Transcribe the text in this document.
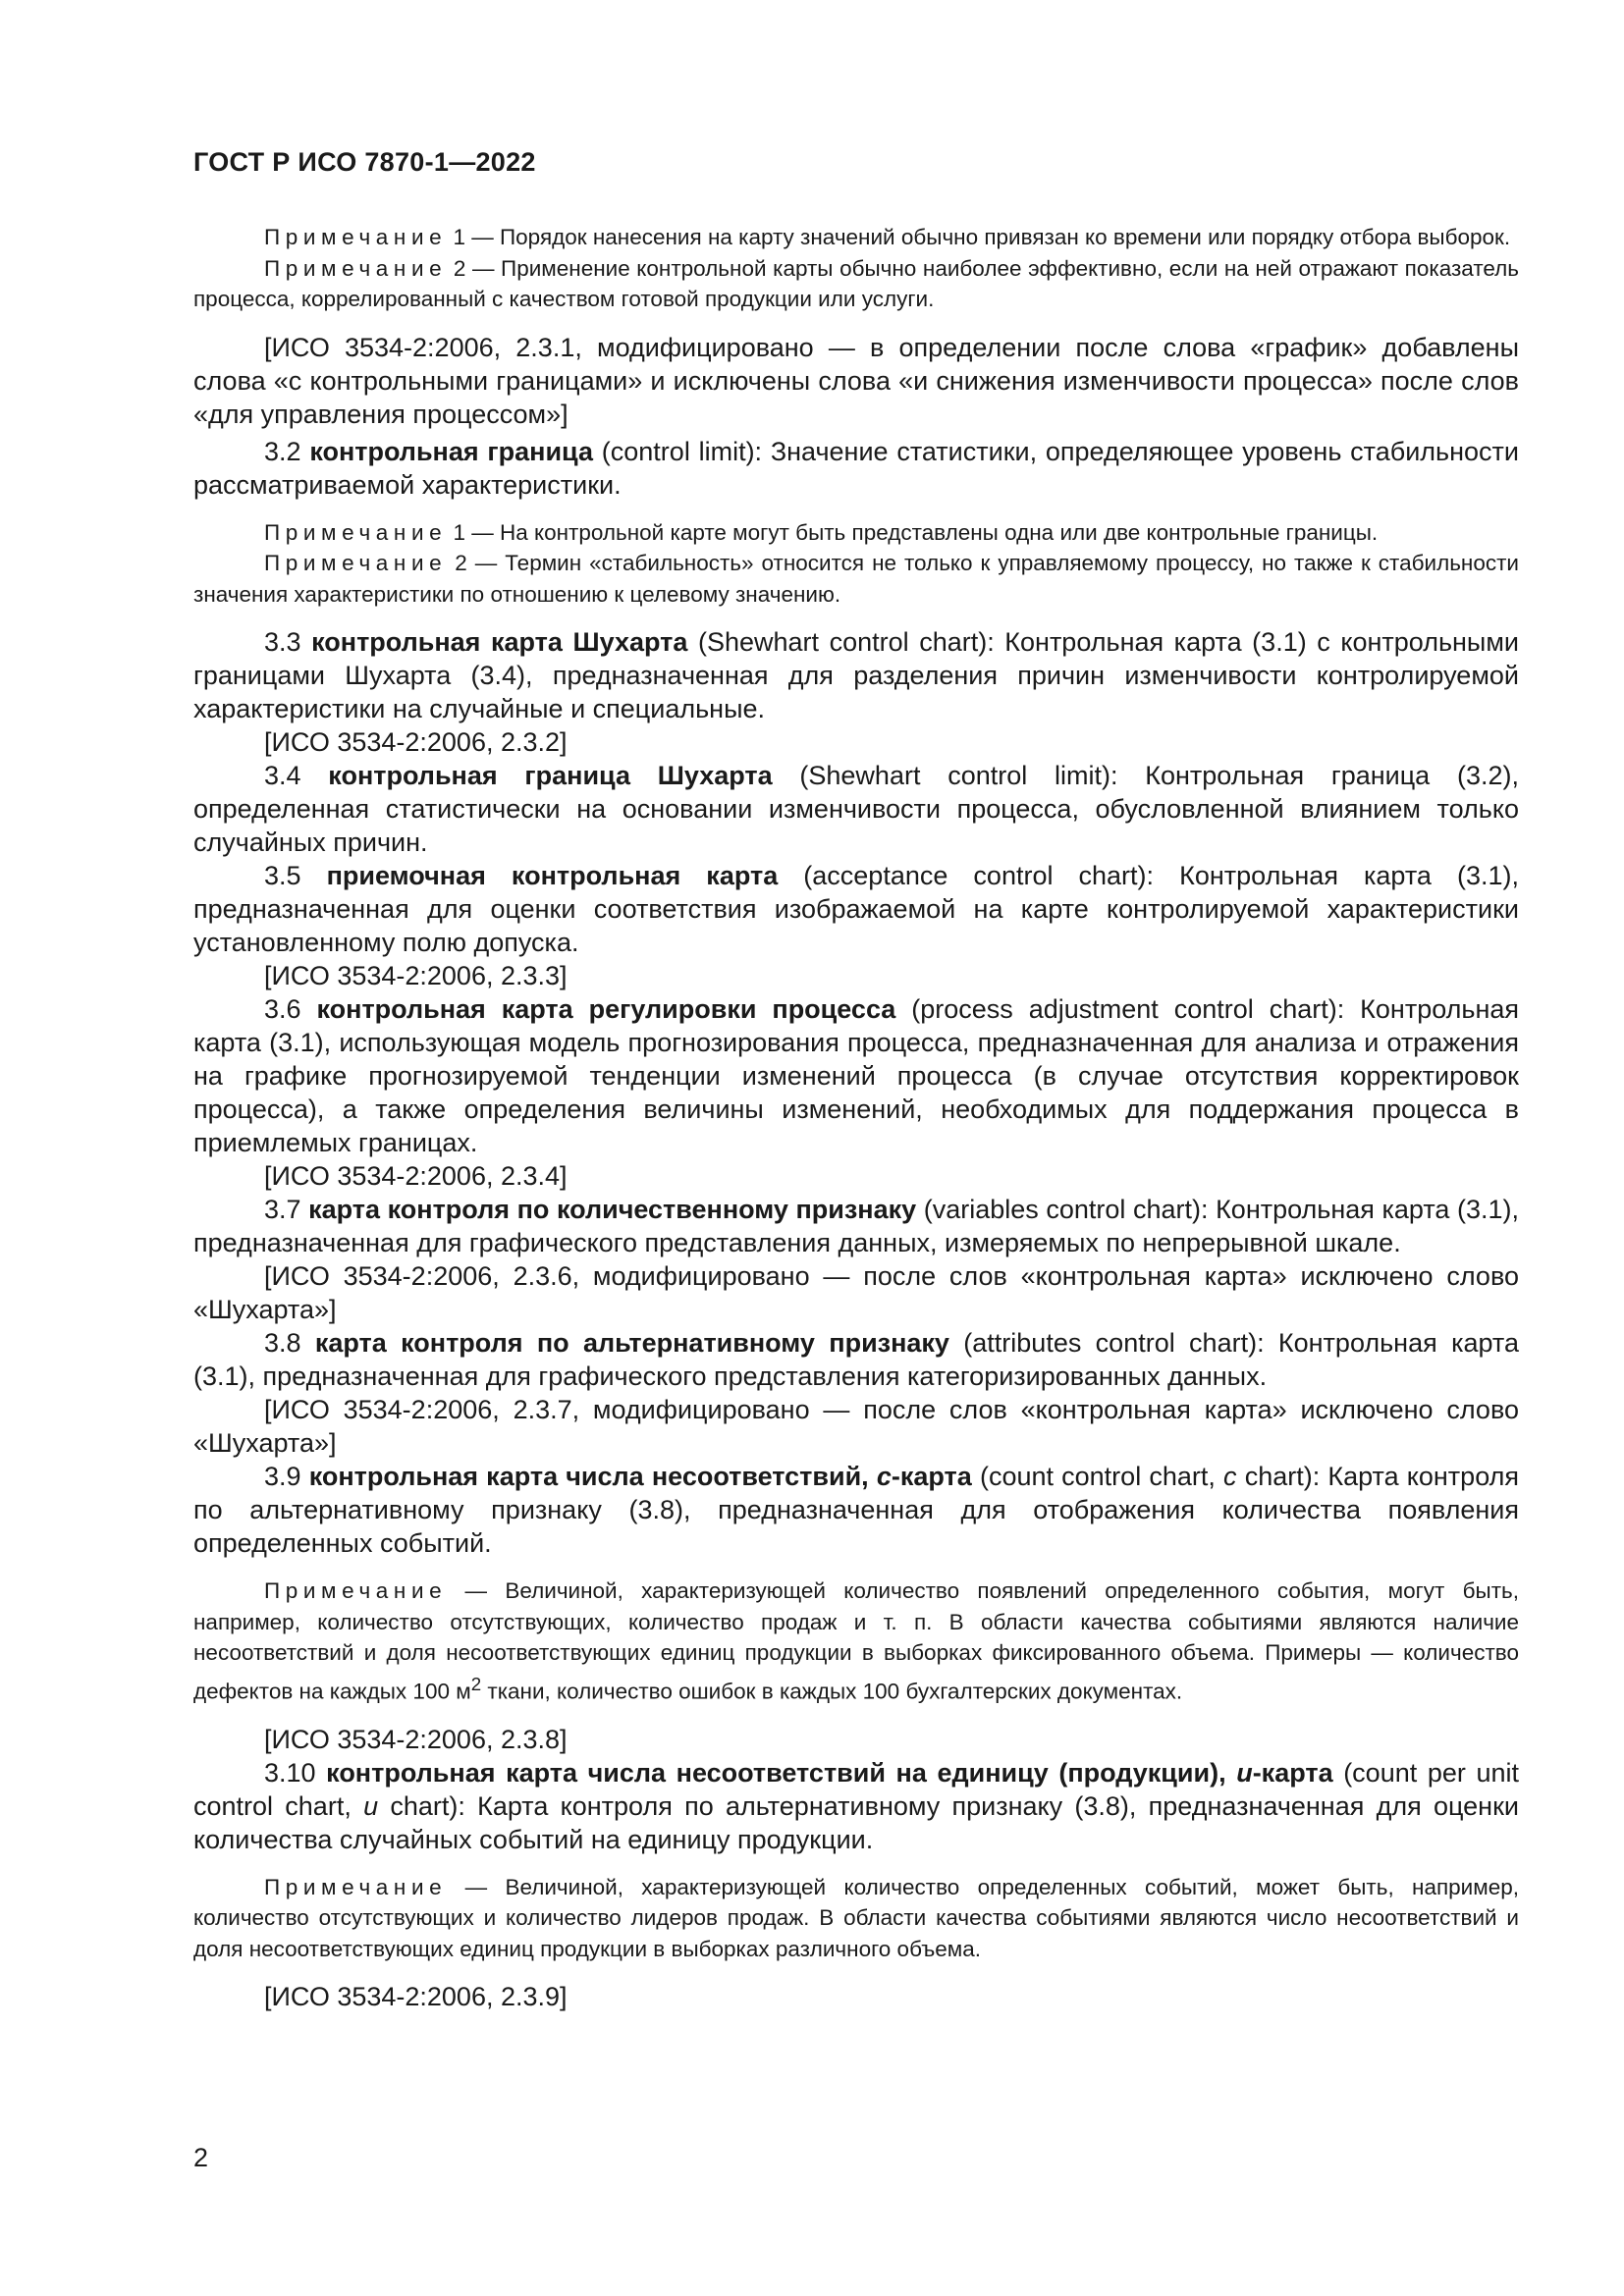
ГОСТ Р ИСО 7870-1—2022

Примечание 1 — Порядок нанесения на карту значений обычно привязан ко времени или порядку отбора выборок.

Примечание 2 — Применение контрольной карты обычно наиболее эффективно, если на ней отражают показатель процесса, коррелированный с качеством готовой продукции или услуги.

[ИСО 3534-2:2006, 2.3.1, модифицировано — в определении после слова «график» добавлены слова «с контрольными границами» и исключены слова «и снижения изменчивости процесса» после слов «для управления процессом»]

3.2 контрольная граница (control limit): Значение статистики, определяющее уровень стабильности рассматриваемой характеристики.

Примечание 1 — На контрольной карте могут быть представлены одна или две контрольные границы.

Примечание 2 — Термин «стабильность» относится не только к управляемому процессу, но также к стабильности значения характеристики по отношению к целевому значению.

3.3 контрольная карта Шухарта (Shewhart control chart): Контрольная карта (3.1) с контрольными границами Шухарта (3.4), предназначенная для разделения причин изменчивости контролируемой характеристики на случайные и специальные.

[ИСО 3534-2:2006, 2.3.2]

3.4 контрольная граница Шухарта (Shewhart control limit): Контрольная граница (3.2), определенная статистически на основании изменчивости процесса, обусловленной влиянием только случайных причин.

3.5 приемочная контрольная карта (acceptance control chart): Контрольная карта (3.1), предназначенная для оценки соответствия изображаемой на карте контролируемой характеристики установленному полю допуска.

[ИСО 3534-2:2006, 2.3.3]

3.6 контрольная карта регулировки процесса (process adjustment control chart): Контрольная карта (3.1), использующая модель прогнозирования процесса, предназначенная для анализа и отражения на графике прогнозируемой тенденции изменений процесса (в случае отсутствия корректировок процесса), а также определения величины изменений, необходимых для поддержания процесса в приемлемых границах.

[ИСО 3534-2:2006, 2.3.4]

3.7 карта контроля по количественному признаку (variables control chart): Контрольная карта (3.1), предназначенная для графического представления данных, измеряемых по непрерывной шкале.

[ИСО 3534-2:2006, 2.3.6, модифицировано — после слов «контрольная карта» исключено слово «Шухарта»]

3.8 карта контроля по альтернативному признаку (attributes control chart): Контрольная карта (3.1), предназначенная для графического представления категоризированных данных.

[ИСО 3534-2:2006, 2.3.7, модифицировано — после слов «контрольная карта» исключено слово «Шухарта»]

3.9 контрольная карта числа несоответствий, c-карта (count control chart, c chart): Карта контроля по альтернативному признаку (3.8), предназначенная для отображения количества появления определенных событий.

Примечание — Величиной, характеризующей количество появлений определенного события, могут быть, например, количество отсутствующих, количество продаж и т. п. В области качества событиями являются наличие несоответствий и доля несоответствующих единиц продукции в выборках фиксированного объема. Примеры — количество дефектов на каждых 100 $м^2$ ткани, количество ошибок в каждых 100 бухгалтерских документах.

[ИСО 3534-2:2006, 2.3.8]

3.10 контрольная карта числа несоответствий на единицу (продукции), u-карта (count per unit control chart, u chart): Карта контроля по альтернативному признаку (3.8), предназначенная для оценки количества случайных событий на единицу продукции.

Примечание — Величиной, характеризующей количество определенных событий, может быть, например, количество отсутствующих и количество лидеров продаж. В области качества событиями являются число несоответствий и доля несоответствующих единиц продукции в выборках различного объема.

[ИСО 3534-2:2006, 2.3.9]

2
